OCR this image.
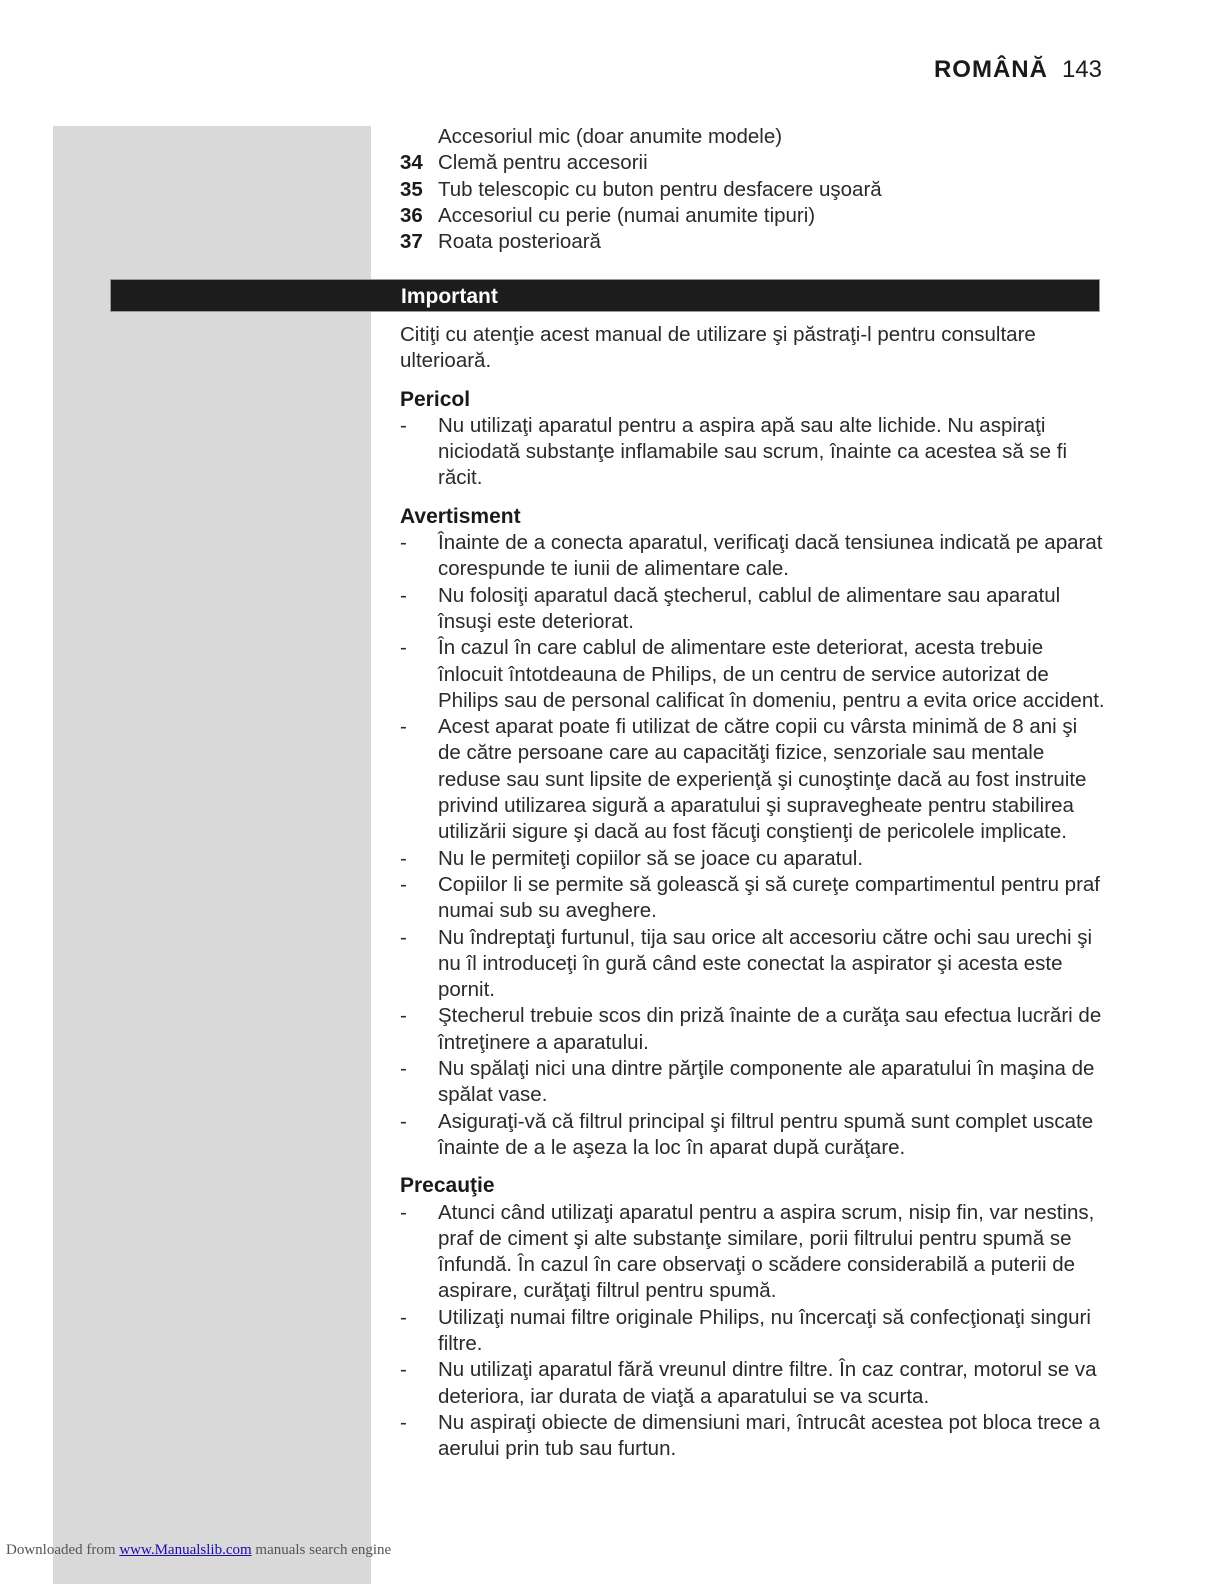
ROMÂNĂ 143
Accesoriul mic (doar anumite modele)
34 Clemă pentru accesorii
35 Tub telescopic cu buton pentru desfacere uşoară
36 Accesoriul cu perie (numai anumite tipuri)
37 Roata posterioară
Important

Citiţi cu atenţie acest manual de utilizare şi păstraţi-l pentru consultare ulterioară.

Pericol

-	Nu utilizaţi aparatul pentru a aspira apă sau alte lichide. Nu aspiraţi niciodată substanţe inflamabile sau scrum, înainte ca acestea să se fi răcit.

Avertisment

-	Înainte de a conecta aparatul, verificaţi dacă tensiunea indicată pe aparat corespunde te iunii de alimentare cale.
-	Nu folosiţi aparatul dacă ştecherul, cablul de alimentare sau aparatul însuşi este deteriorat.
-	În cazul în care cablul de alimentare este deteriorat, acesta trebuie înlocuit întotdeauna de Philips, de un centru de service autorizat de Philips sau de personal calificat în domeniu, pentru a evita orice accident.
-	Acest aparat poate fi utilizat de către copii cu vârsta minimă de 8 ani şi de către persoane care au capacităţi fizice, senzoriale sau mentale reduse sau sunt lipsite de experienţă şi cunoştinţe dacă au fost instruite privind utilizarea sigură a aparatului şi supravegheate pentru stabilirea utilizării sigure şi dacă au fost făcuţi conştienţi de pericolele implicate.
-	Nu le permiteţi copiilor să se joace cu aparatul.
-	Copiilor li se permite să golească şi să cureţe compartimentul pentru praf numai sub su aveghere.
-	Nu îndreptaţi furtunul, tija sau orice alt accesoriu către ochi sau urechi şi nu îl introduceţi în gură când este conectat la aspirator şi acesta este pornit.
-	Ştecherul trebuie scos din priză înainte de a curăţa sau efectua lucrări de întreţinere a aparatului.
-	Nu spălaţi nici una dintre părţile componente ale aparatului în maşina de spălat vase.
-	Asiguraţi-vă că filtrul principal şi filtrul pentru spumă sunt complet uscate înainte de a le aşeza la loc în aparat după curăţare.

Precauţie

-	Atunci când utilizaţi aparatul pentru a aspira scrum, nisip fin, var nestins, praf de ciment şi alte substanţe similare, porii filtrului pentru spumă se înfundă. În cazul în care observaţi o scădere considerabilă a puterii de aspirare, curăţaţi filtrul pentru spumă.
-	Utilizaţi numai filtre originale Philips, nu încercaţi să confecţionaţi singuri filtre.
-	Nu utilizaţi aparatul fără vreunul dintre filtre. În caz contrar, motorul se va deteriora, iar durata de viaţă a aparatului se va scurta.
-	Nu aspiraţi obiecte de dimensiuni mari, întrucât acestea pot bloca trece a aerului prin tub sau furtun.
Downloaded from www.Manualslib.com manuals search engine
